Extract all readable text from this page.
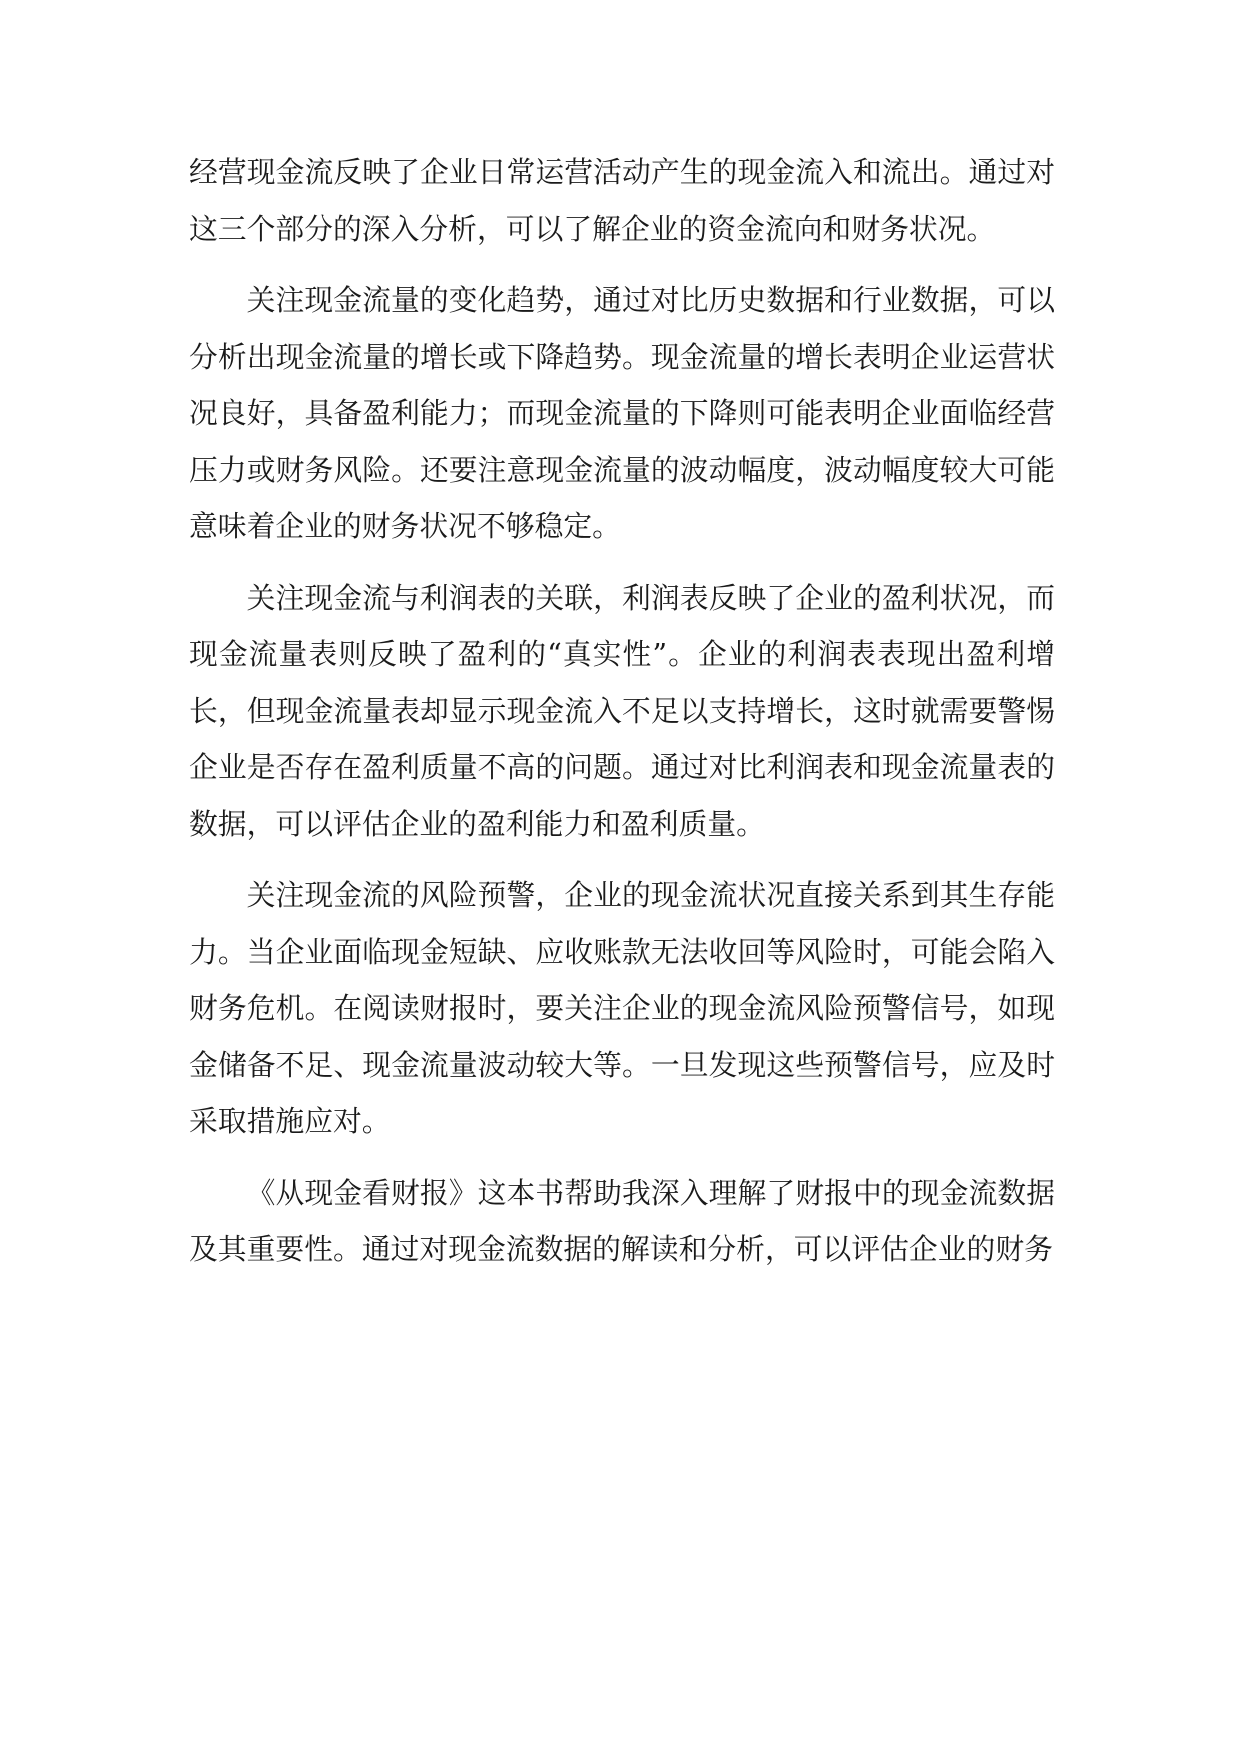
经营现金流反映了企业日常运营活动产生的现金流入和流出。通过对这三个部分的深入分析，可以了解企业的资金流向和财务状况。

关注现金流量的变化趋势，通过对比历史数据和行业数据，可以分析出现金流量的增长或下降趋势。现金流量的增长表明企业运营状况良好，具备盈利能力；而现金流量的下降则可能表明企业面临经营压力或财务风险。还要注意现金流量的波动幅度，波动幅度较大可能意味着企业的财务状况不够稳定。

关注现金流与利润表的关联，利润表反映了企业的盈利状况，而现金流量表则反映了盈利的“真实性”。企业的利润表表现出盈利增长，但现金流量表却显示现金流入不足以支持增长，这时就需要警惕企业是否存在盈利质量不高的问题。通过对比利润表和现金流量表的数据，可以评估企业的盈利能力和盈利质量。

关注现金流的风险预警，企业的现金流状况直接关系到其生存能力。当企业面临现金短缺、应收账款无法收回等风险时，可能会陷入财务危机。在阅读财报时，要关注企业的现金流风险预警信号，如现金储备不足、现金流量波动较大等。一旦发现这些预警信号，应及时采取措施应对。

《从现金看财报》这本书帮助我深入理解了财报中的现金流数据及其重要性。通过对现金流数据的解读和分析，可以评估企业的财务
